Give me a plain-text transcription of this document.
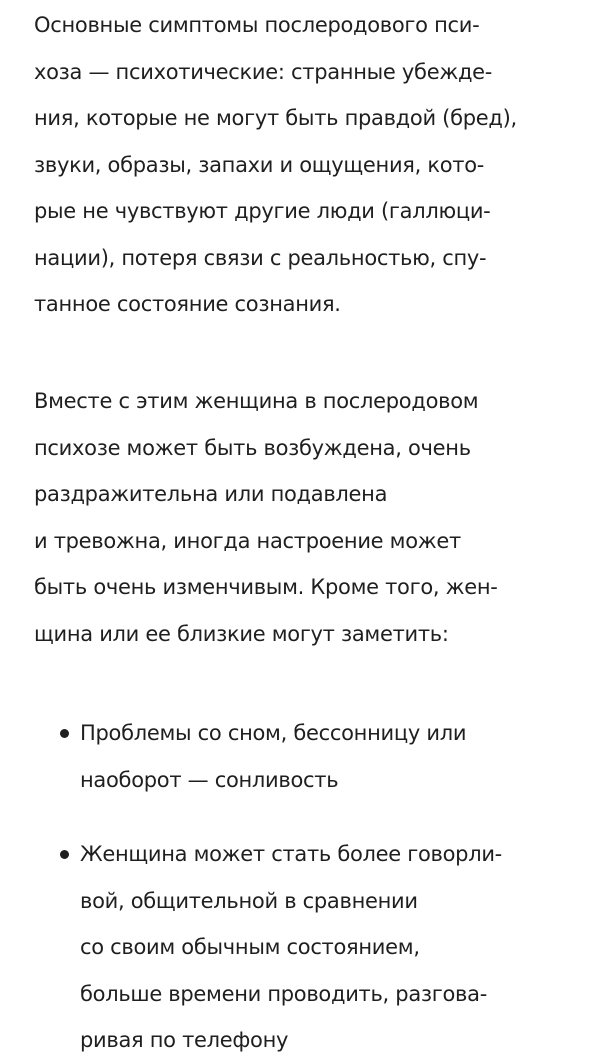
Основные симптомы послеродового пси-
хоза — психотические: странные убежде-
ния, которые не могут быть правдой (бред),
звуки, образы, запахи и ощущения, кото-
рые не чувствуют другие люди (галлюци-
нации), потеря связи с реальностью, спу-
танное состояние сознания.

Вместе с этим женщина в послеродовом
психозе может быть возбуждена, очень
раздражительна или подавлена
и тревожна, иногда настроение может
быть очень изменчивым. Кроме того, жен-
щина или ее близкие могут заметить:

Проблемы со сном, бессонницу или
наоборот — сонливость
Женщина может стать более говорли-
вой, общительной в сравнении
со своим обычным состоянием,
больше времени проводить, разгова-
ривая по телефону
